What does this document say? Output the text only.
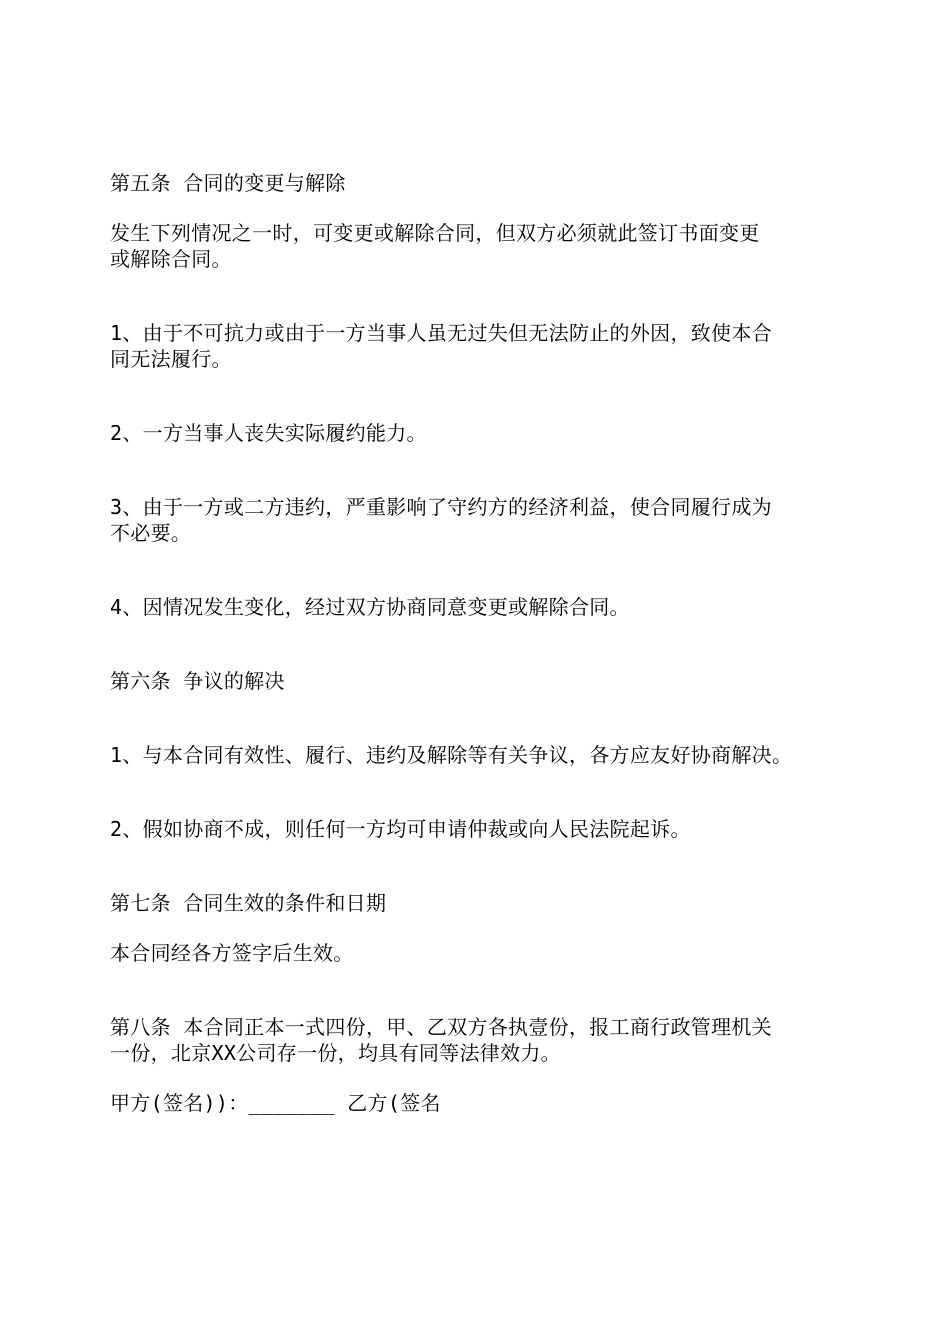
第五条 合同的变更与解除
发生下列情况之一时，可变更或解除合同，但双方必须就此签订书面变更
或解除合同。
1、由于不可抗力或由于一方当事人虽无过失但无法防止的外因，致使本合
同无法履行。
2、一方当事人丧失实际履约能力。
3、由于一方或二方违约，严重影响了守约方的经济利益，使合同履行成为
不必要。
4、因情况发生变化，经过双方协商同意变更或解除合同。
第六条 争议的解决
1、与本合同有效性、履行、违约及解除等有关争议，各方应友好协商解决。
2、假如协商不成，则任何一方均可申请仲裁或向人民法院起诉。
第七条 合同生效的条件和日期
本合同经各方签字后生效。
第八条 本合同正本一式四份，甲、乙双方各执壹份，报工商行政管理机关
一份，北京XX公司存一份，均具有同等法律效力。
甲方(签名))：_______ 乙方(签名
